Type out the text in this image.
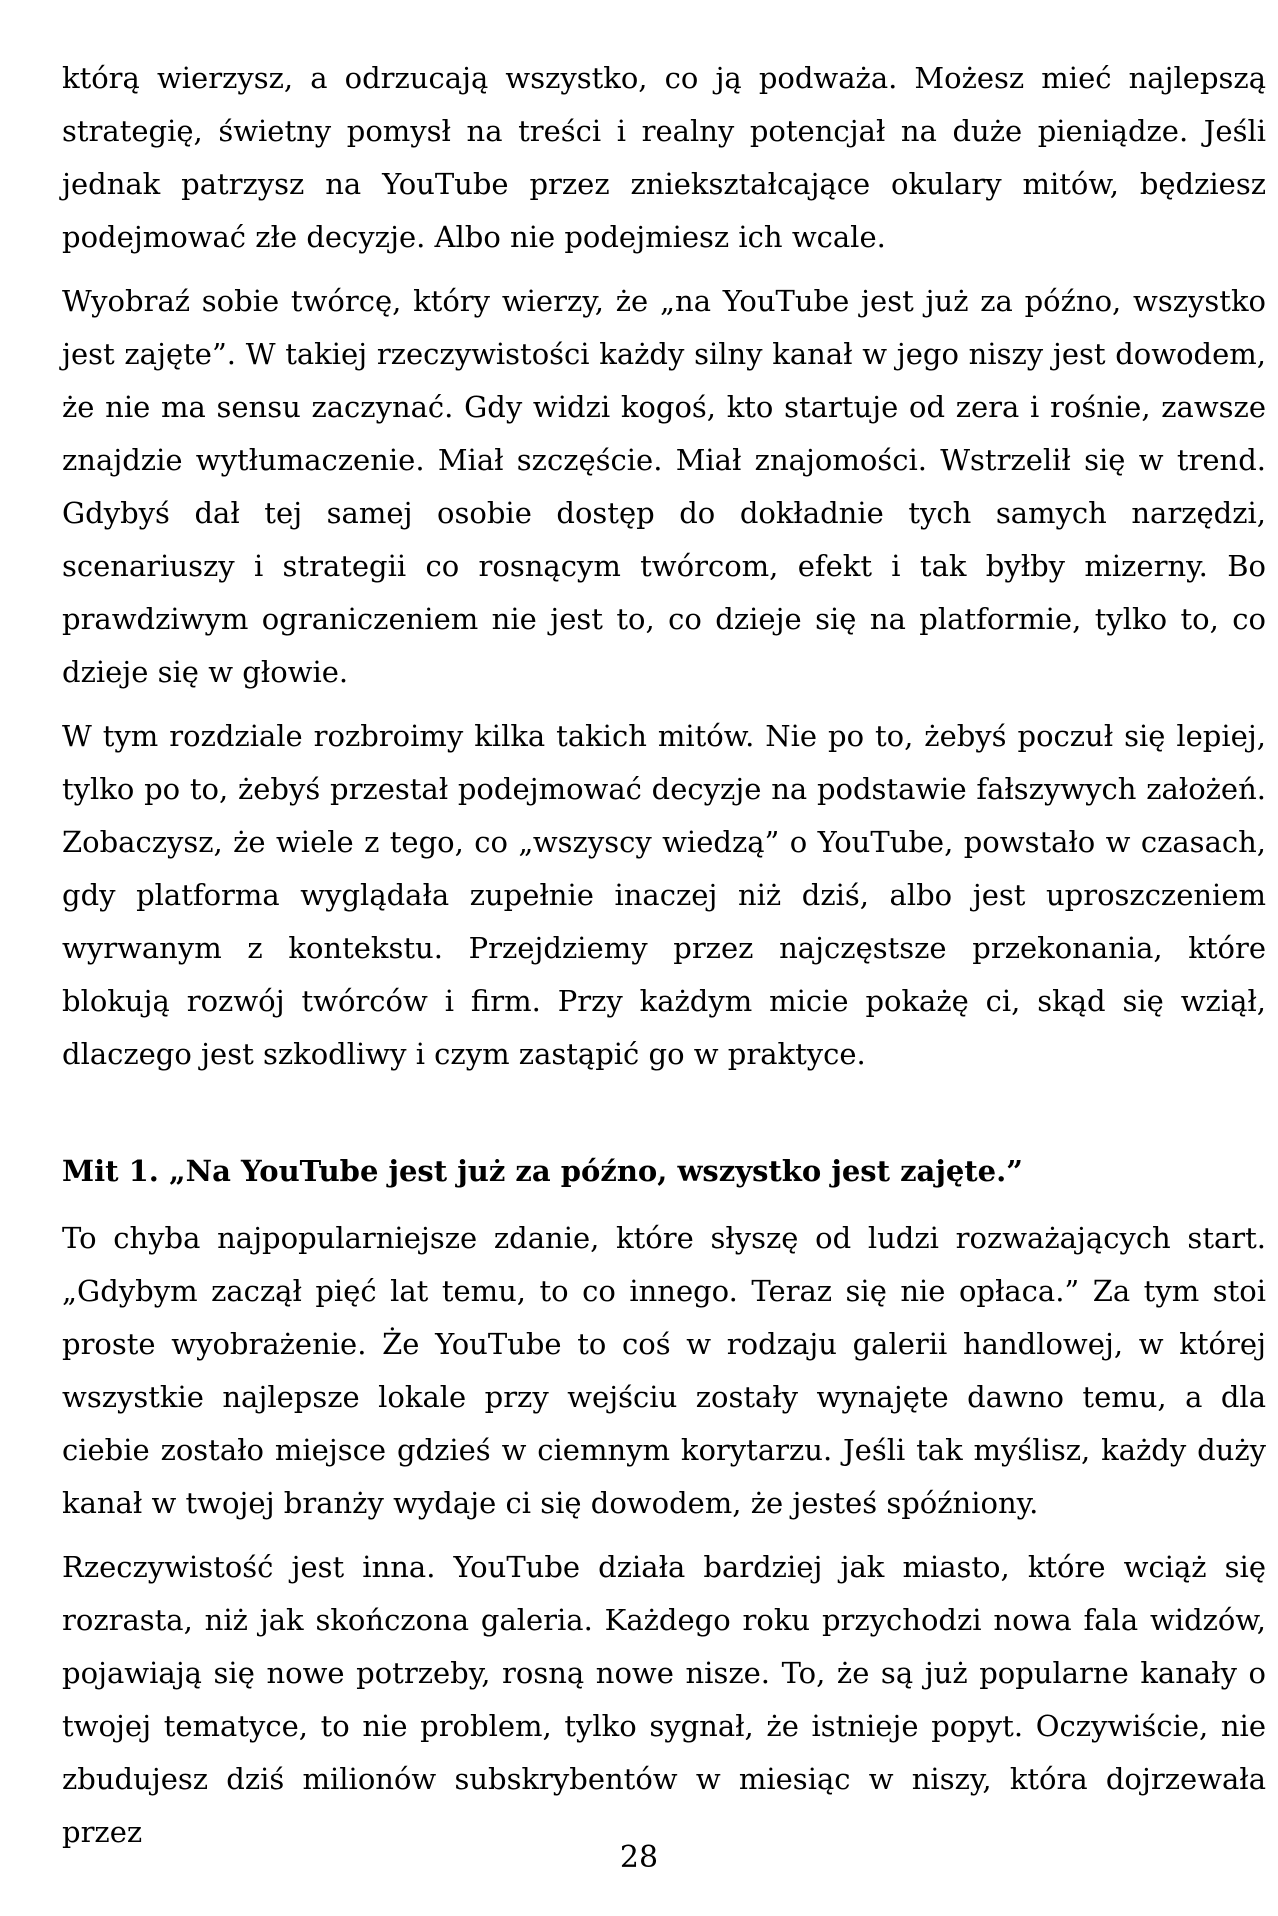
którą wierzysz, a odrzucają wszystko, co ją podważa. Możesz mieć najlepszą strategię, świetny pomysł na treści i realny potencjał na duże pieniądze. Jeśli jednak patrzysz na YouTube przez zniekształcające okulary mitów, będziesz podejmować złe decyzje. Albo nie podejmiesz ich wcale.

Wyobraź sobie twórcę, który wierzy, że „na YouTube jest już za późno, wszystko jest zajęte”. W takiej rzeczywistości każdy silny kanał w jego niszy jest dowodem, że nie ma sensu zaczynać. Gdy widzi kogoś, kto startuje od zera i rośnie, zawsze znajdzie wytłumaczenie. Miał szczęście. Miał znajomości. Wstrzelił się w trend. Gdybyś dał tej samej osobie dostęp do dokładnie tych samych narzędzi, scenariuszy i strategii co rosnącym twórcom, efekt i tak byłby mizerny. Bo prawdziwym ograniczeniem nie jest to, co dzieje się na platformie, tylko to, co dzieje się w głowie.

W tym rozdziale rozbroimy kilka takich mitów. Nie po to, żebyś poczuł się lepiej, tylko po to, żebyś przestał podejmować decyzje na podstawie fałszywych założeń. Zobaczysz, że wiele z tego, co „wszyscy wiedzą” o YouTube, powstało w czasach, gdy platforma wyglądała zupełnie inaczej niż dziś, albo jest uproszczeniem wyrwanym z kontekstu. Przejdziemy przez najczęstsze przekonania, które blokują rozwój twórców i firm. Przy każdym micie pokażę ci, skąd się wziął, dlaczego jest szkodliwy i czym zastąpić go w praktyce.

Mit 1. „Na YouTube jest już za późno, wszystko jest zajęte.”

To chyba najpopularniejsze zdanie, które słyszę od ludzi rozważających start. „Gdybym zaczął pięć lat temu, to co innego. Teraz się nie opłaca.” Za tym stoi proste wyobrażenie. Że YouTube to coś w rodzaju galerii handlowej, w której wszystkie najlepsze lokale przy wejściu zostały wynajęte dawno temu, a dla ciebie zostało miejsce gdzieś w ciemnym korytarzu. Jeśli tak myślisz, każdy duży kanał w twojej branży wydaje ci się dowodem, że jesteś spóźniony.

Rzeczywistość jest inna. YouTube działa bardziej jak miasto, które wciąż się rozrasta, niż jak skończona galeria. Każdego roku przychodzi nowa fala widzów, pojawiają się nowe potrzeby, rosną nowe nisze. To, że są już popularne kanały o twojej tematyce, to nie problem, tylko sygnał, że istnieje popyt. Oczywiście, nie zbudujesz dziś milionów subskrybentów w miesiąc w niszy, która dojrzewała przez

28
